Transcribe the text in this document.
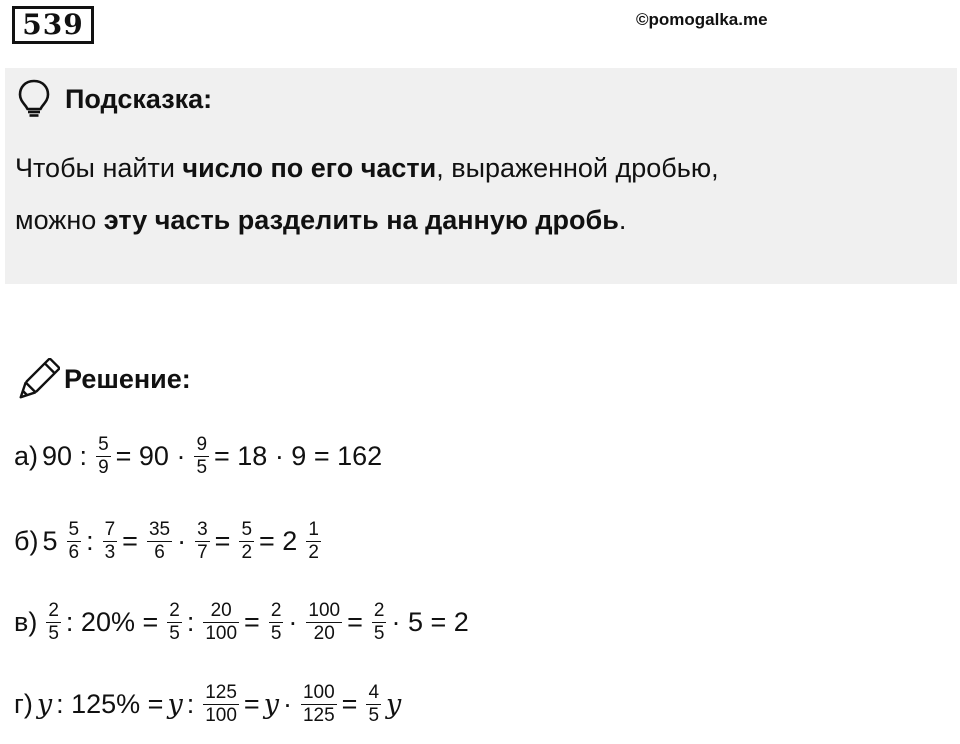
539	©pomogalka.me
Подсказка:
Чтобы найти число по его части, выраженной дробью,
можно эту часть разделить на данную дробь.
Решение:
а) 90 : $\frac{5}{9} = 90 \cdot \frac{9}{5} = 18 \cdot 9 = 162$
б) $5 \frac{5}{6}$ : $\frac{7}{3} = \frac{35}{6} \cdot \frac{3}{7} = \frac{5}{2} = 2 \frac{1}{2}$
$в) \frac{2}{5}$ : $20\% = \frac{2}{5}$ : $\frac{20}{100} = \frac{2}{5} \cdot \frac{100}{20} = \frac{2}{5} \cdot 5 = 2$
г) y : 125% = y : $\frac{125}{100} = y \cdot \frac{100}{125} = \frac{4}{5}$ y
